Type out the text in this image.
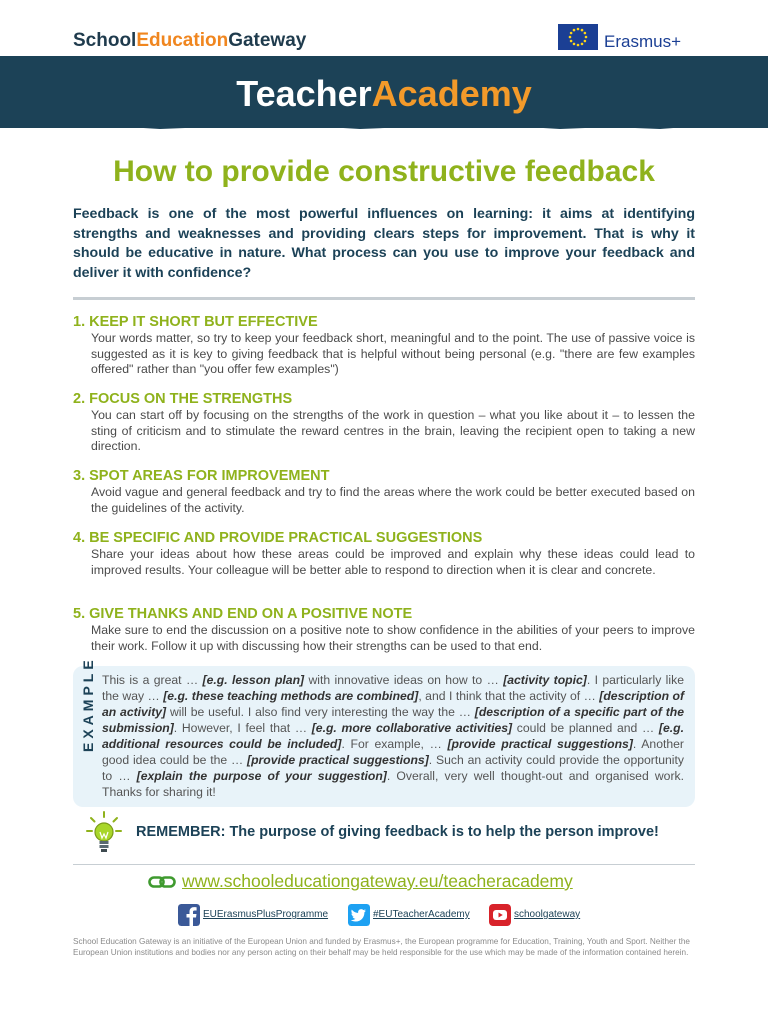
SchoolEducationGateway	Erasmus+
TeacherAcademy
How to provide constructive feedback

Feedback is one of the most powerful influences on learning: it aims at identifying strengths and weaknesses and providing clears steps for improvement. That is why it should be educative in nature. What process can you use to improve your feedback and deliver it with confidence?

1. KEEP IT SHORT BUT EFFECTIVE

Your words matter, so try to keep your feedback short, meaningful and to the point. The use of passive voice is suggested as it is key to giving feedback that is helpful without being personal (e.g. "there are few examples offered" rather than "you offer few examples")

2. FOCUS ON THE STRENGTHS

You can start off by focusing on the strengths of the work in question – what you like about it – to lessen the sting of criticism and to stimulate the reward centres in the brain, leaving the recipient open to taking a new direction.

3. SPOT AREAS FOR IMPROVEMENT

Avoid vague and general feedback and try to find the areas where the work could be better executed based on the guidelines of the activity.

4. BE SPECIFIC AND PROVIDE PRACTICAL SUGGESTIONS

Share your ideas about how these areas could be improved and explain why these ideas could lead to improved results. Your colleague will be better able to respond to direction when it is clear and concrete.

5. GIVE THANKS AND END ON A POSITIVE NOTE

Make sure to end the discussion on a positive note to show confidence in the abilities of your peers to improve their work. Follow it up with discussing how their strengths can be used to that end.

EXAMPLE This is a great … [e.g. lesson plan] with innovative ideas on how to … [activity topic]. I particularly like the way … [e.g. these teaching methods are combined], and I think that the activity of … [description of an activity] will be useful. I also find very interesting the way the … [description of a specific part of the submission]. However, I feel that … [e.g. more collaborative activities] could be planned and … [e.g. additional resources could be included]. For example, … [provide practical suggestions]. Another good idea could be the … [provide practical suggestions]. Such an activity could provide the opportunity to … [explain the purpose of your suggestion]. Overall, very well thought-out and organised work. Thanks for sharing it!

REMEMBER: The purpose of giving feedback is to help the person improve!
www.schooleducationgateway.eu/teacheracademy
EUErasmusPlusProgramme	#EUTeacherAcademy	schoolgateway

School Education Gateway is an initiative of the European Union and funded by Erasmus+, the European programme for Education, Training, Youth and Sport. Neither the European Union institutions and bodies nor any person acting on their behalf may be held responsible for the use which may be made of the information contained herein.
